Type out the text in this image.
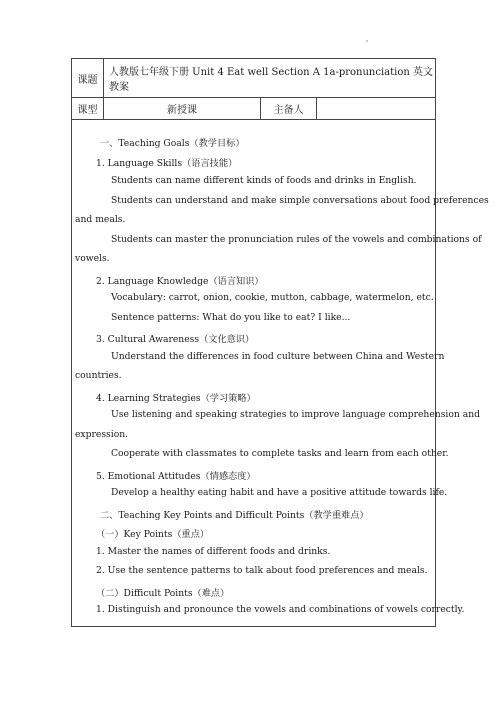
课题
人教版七年级下册 Unit 4 Eat well Section A 1a-pronunciation 英文教案
课型	新授课	主备人
一、Teaching Goals（教学目标）
1. Language Skills（语言技能）
Students can name different kinds of foods and drinks in English.
Students can understand and make simple conversations about food preferences
and meals.
Students can master the pronunciation rules of the vowels and combinations of
vowels.
2. Language Knowledge（语言知识）
Vocabulary: carrot, onion, cookie, mutton, cabbage, watermelon, etc.
Sentence patterns: What do you like to eat? I like...
3. Cultural Awareness（文化意识）
Understand the differences in food culture between China and Western
countries.
4. Learning Strategies（学习策略）
Use listening and speaking strategies to improve language comprehension and
expression.
Cooperate with classmates to complete tasks and learn from each other.
5. Emotional Attitudes（情感态度）
Develop a healthy eating habit and have a positive attitude towards life.
二、Teaching Key Points and Difficult Points（教学重难点）
（一）Key Points（重点）
1. Master the names of different foods and drinks.
2. Use the sentence patterns to talk about food preferences and meals.
（二）Difficult Points（难点）
1. Distinguish and pronounce the vowels and combinations of vowels correctly.
